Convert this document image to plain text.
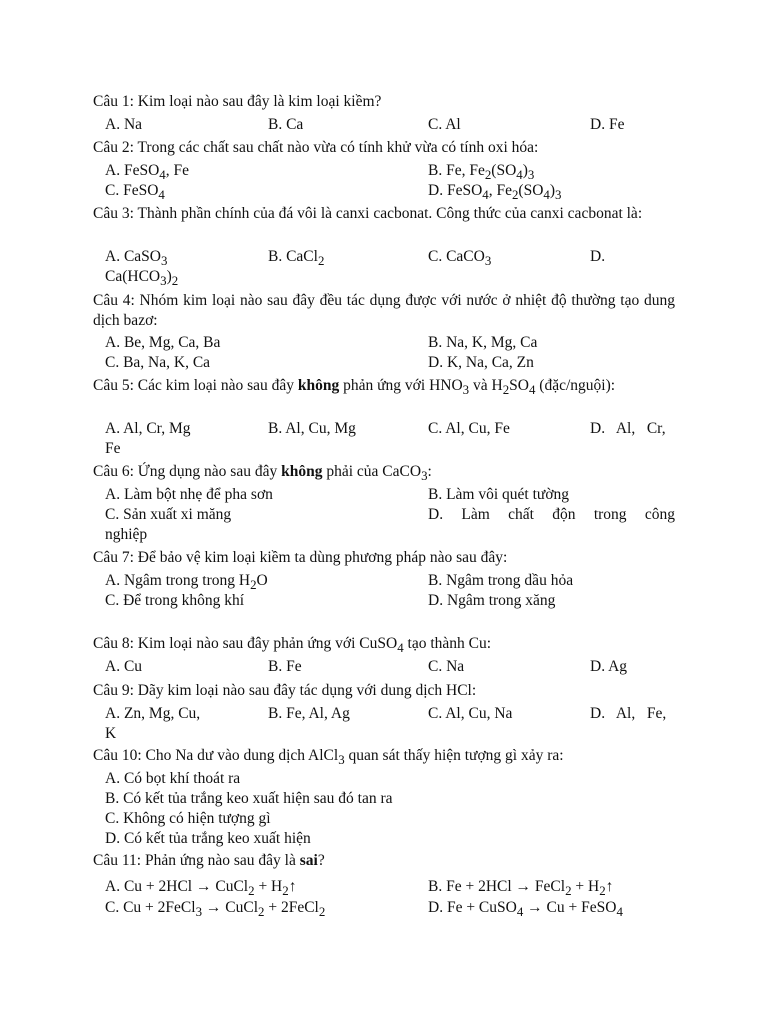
Câu 1: Kim loại nào sau đây là kim loại kiềm?

A. Na	B. Ca	C. Al	D. Fe

Câu 2: Trong các chất sau chất nào vừa có tính khử vừa có tính oxi hóa:

A. FeSO$_4$, Fe	B. Fe, $Fe_2(SO_4)_3$
C. FeSO$_4$	D. FeSO$_4$, $Fe_2(SO_4)_3$

Câu 3: Thành phần chính của đá vôi là canxi cacbonat. Công thức của canxi cacbonat là:

A. CaSO$_3$	B. CaCl$_2$	C. CaCO$_3$	D.
$Ca(HCO_3)_2$

Câu 4: Nhóm kim loại nào sau đây đều tác dụng được với nước ở nhiệt độ thường tạo dung dịch bazơ:

A. Be, Mg, Ca, Ba	B. Na, K, Mg, Ca
C. Ba, Na, K, Ca	D. K, Na, Ca, Zn

Câu 5: Các kim loại nào sau đây không phản ứng với $HNO_3$ và $H_2SO_4$ (đặc/nguội):

A. Al, Cr, Mg	B. Al, Cu, Mg	C. Al, Cu, Fe	D.   Al,   Cr,
Fe

Câu 6: Ứng dụng nào sau đây không phải của CaCO$_3$:

A. Làm bột nhẹ để pha sơn	B. Làm vôi quét tường
C. Sản xuất xi măng	D. Làm chất độn trong công
nghiệp

Câu 7: Để bảo vệ kim loại kiềm ta dùng phương pháp nào sau đây:

A. Ngâm trong trong $H_2O$	B. Ngâm trong dầu hỏa
C. Để trong không khí	D. Ngâm trong xăng

Câu 8: Kim loại nào sau đây phản ứng với CuSO$_4$ tạo thành Cu:

A. Cu	B. Fe	C. Na	D. Ag

Câu 9: Dãy kim loại nào sau đây tác dụng với dung dịch HCl:

A. Zn, Mg, Cu,	B. Fe, Al, Ag	C. Al, Cu, Na	D.   Al,   Fe,
K

Câu 10: Cho Na dư vào dung dịch AlCl$_3$ quan sát thấy hiện tượng gì xảy ra:

A. Có bọt khí thoát ra
B. Có kết tủa trắng keo xuất hiện sau đó tan ra
C. Không có hiện tượng gì
D. Có kết tủa trắng keo xuất hiện

Câu 11: Phản ứng nào sau đây là sai?

A. Cu + 2HCl → CuCl$_2$ + $H_2↑$	B. Fe + 2HCl → FeCl$_2$ + $H_2↑$
C. Cu + 2FeCl$_3$ → CuCl$_2$ + 2FeCl$_2$	D. Fe + CuSO$_4$ → Cu + FeSO$_4$
